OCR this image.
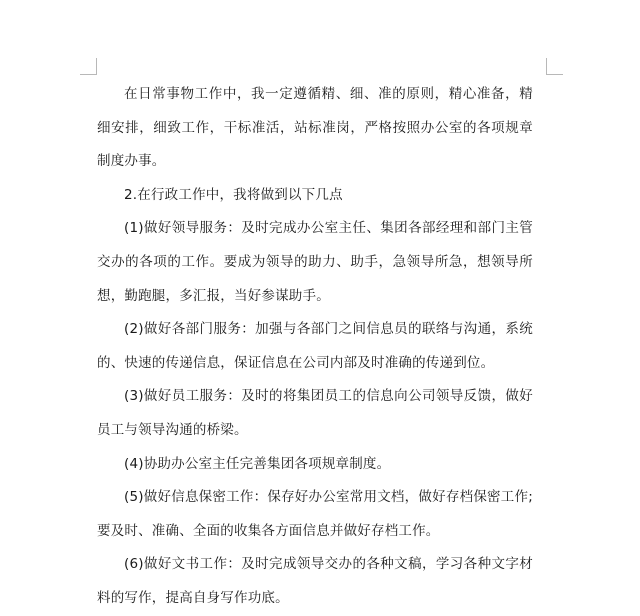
在日常事物工作中，我一定遵循精、细、准的原则，精心准备，精细安排，细致工作，干标准活，站标准岗，严格按照办公室的各项规章制度办事。

2.在行政工作中，我将做到以下几点

(1)做好领导服务：及时完成办公室主任、集团各部经理和部门主管交办的各项的工作。要成为领导的助力、助手，急领导所急，想领导所想，勤跑腿，多汇报，当好参谋助手。

(2)做好各部门服务：加强与各部门之间信息员的联络与沟通，系统的、快速的传递信息，保证信息在公司内部及时准确的传递到位。

(3)做好员工服务：及时的将集团员工的信息向公司领导反馈，做好员工与领导沟通的桥梁。

(4)协助办公室主任完善集团各项规章制度。

(5)做好信息保密工作：保存好办公室常用文档，做好存档保密工作;要及时、准确、全面的收集各方面信息并做好存档工作。

(6)做好文书工作：及时完成领导交办的各种文稿，学习各种文字材料的写作，提高自身写作功底。
